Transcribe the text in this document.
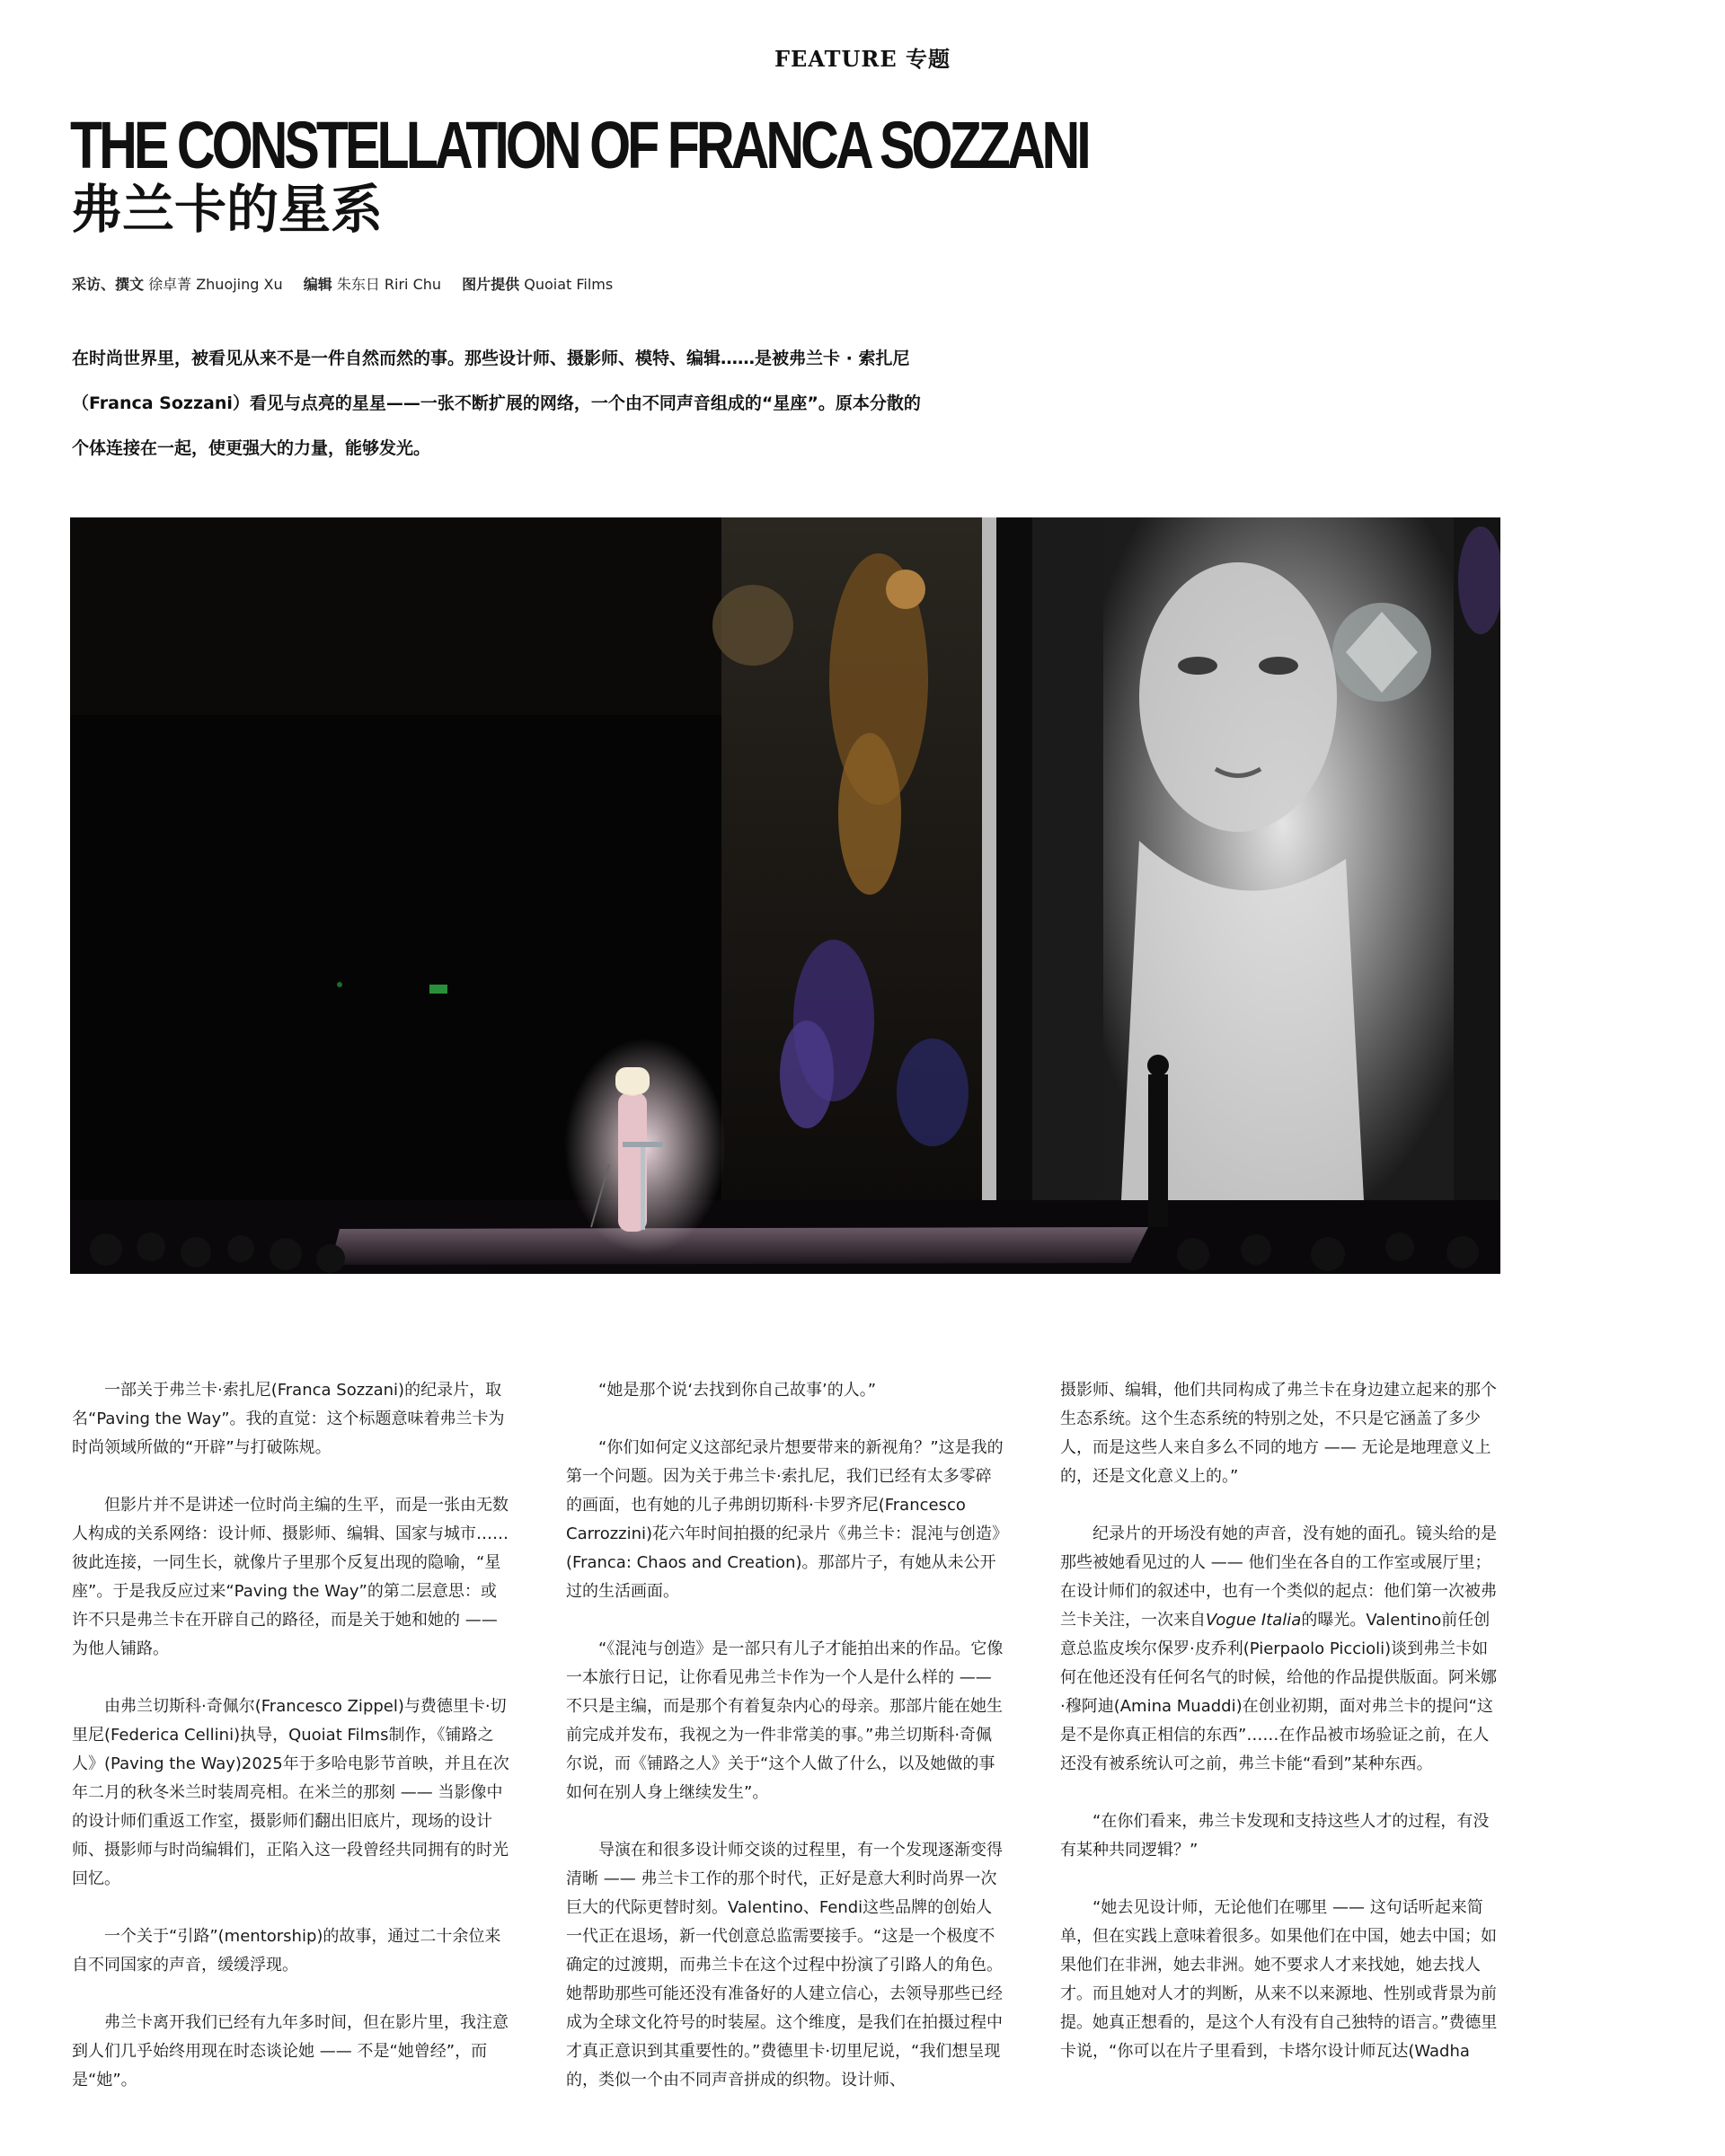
FEATURE 专题
THE CONSTELLATION OF FRANCA SOZZANI
弗兰卡的星系
采访、撰文 徐卓菁 Zhuojing Xu 编辑 朱东日 Riri Chu 图片提供 Quoiat Films

在时尚世界里，被看见从来不是一件自然而然的事。那些设计师、摄影师、模特、编辑……是被弗兰卡 · 索扎尼

（Franca Sozzani）看见与点亮的星星——一张不断扩展的网络，一个由不同声音组成的“星座”。原本分散的

个体连接在一起，使更强大的力量，能够发光。

一部关于弗兰卡·索扎尼(Franca Sozzani)的纪录片，取名“Paving the Way”。我的直觉：这个标题意味着弗兰卡为时尚领域所做的“开辟”与打破陈规。

但影片并不是讲述一位时尚主编的生平，而是一张由无数人构成的关系网络：设计师、摄影师、编辑、国家与城市……彼此连接，一同生长，就像片子里那个反复出现的隐喻，“星座”。于是我反应过来“Paving the Way”的第二层意思：或许不只是弗兰卡在开辟自己的路径，而是关于她和她的 —— 为他人铺路。

由弗兰切斯科·奇佩尔(Francesco Zippel)与费德里卡·切里尼(Federica Cellini)执导，Quoiat Films制作，《铺路之人》(Paving the Way)2025年于多哈电影节首映，并且在次年二月的秋冬米兰时装周亮相。在米兰的那刻 —— 当影像中的设计师们重返工作室，摄影师们翻出旧底片，现场的设计师、摄影师与时尚编辑们，正陷入这一段曾经共同拥有的时光回忆。

一个关于“引路”(mentorship)的故事，通过二十余位来自不同国家的声音，缓缓浮现。

弗兰卡离开我们已经有九年多时间，但在影片里，我注意到人们几乎始终用现在时态谈论她 —— 不是“她曾经”，而是“她”。

“她是那个说‘去找到你自己故事’的人。”

“你们如何定义这部纪录片想要带来的新视角？”这是我的第一个问题。因为关于弗兰卡·索扎尼，我们已经有太多零碎的画面，也有她的儿子弗朗切斯科·卡罗齐尼(Francesco Carrozzini)花六年时间拍摄的纪录片《弗兰卡：混沌与创造》(Franca: Chaos and Creation)。那部片子，有她从未公开过的生活画面。

“《混沌与创造》是一部只有儿子才能拍出来的作品。它像一本旅行日记，让你看见弗兰卡作为一个人是什么样的 —— 不只是主编，而是那个有着复杂内心的母亲。那部片能在她生前完成并发布，我视之为一件非常美的事。”弗兰切斯科·奇佩尔说，而《铺路之人》关于“这个人做了什么，以及她做的事如何在别人身上继续发生”。

导演在和很多设计师交谈的过程里，有一个发现逐渐变得清晰 —— 弗兰卡工作的那个时代，正好是意大利时尚界一次巨大的代际更替时刻。Valentino、Fendi这些品牌的创始人一代正在退场，新一代创意总监需要接手。“这是一个极度不确定的过渡期，而弗兰卡在这个过程中扮演了引路人的角色。她帮助那些可能还没有准备好的人建立信心，去领导那些已经成为全球文化符号的时装屋。这个维度，是我们在拍摄过程中才真正意识到其重要性的。”费德里卡·切里尼说，“我们想呈现的，类似一个由不同声音拼成的织物。设计师、

摄影师、编辑，他们共同构成了弗兰卡在身边建立起来的那个生态系统。这个生态系统的特别之处，不只是它涵盖了多少人，而是这些人来自多么不同的地方 —— 无论是地理意义上的，还是文化意义上的。”

纪录片的开场没有她的声音，没有她的面孔。镜头给的是那些被她看见过的人 —— 他们坐在各自的工作室或展厅里；在设计师们的叙述中，也有一个类似的起点：他们第一次被弗兰卡关注，一次来自Vogue Italia的曝光。Valentino前任创意总监皮埃尔保罗·皮乔利(Pierpaolo Piccioli)谈到弗兰卡如何在他还没有任何名气的时候，给他的作品提供版面。阿米娜·穆阿迪(Amina Muaddi)在创业初期，面对弗兰卡的提问“这是不是你真正相信的东西”……在作品被市场验证之前，在人还没有被系统认可之前，弗兰卡能“看到”某种东西。

“在你们看来，弗兰卡发现和支持这些人才的过程，有没有某种共同逻辑？”

“她去见设计师，无论他们在哪里 —— 这句话听起来简单，但在实践上意味着很多。如果他们在中国，她去中国；如果他们在非洲，她去非洲。她不要求人才来找她，她去找人才。而且她对人才的判断，从来不以来源地、性别或背景为前提。她真正想看的，是这个人有没有自己独特的语言。”费德里卡说，“你可以在片子里看到，卡塔尔设计师瓦达(Wadha
